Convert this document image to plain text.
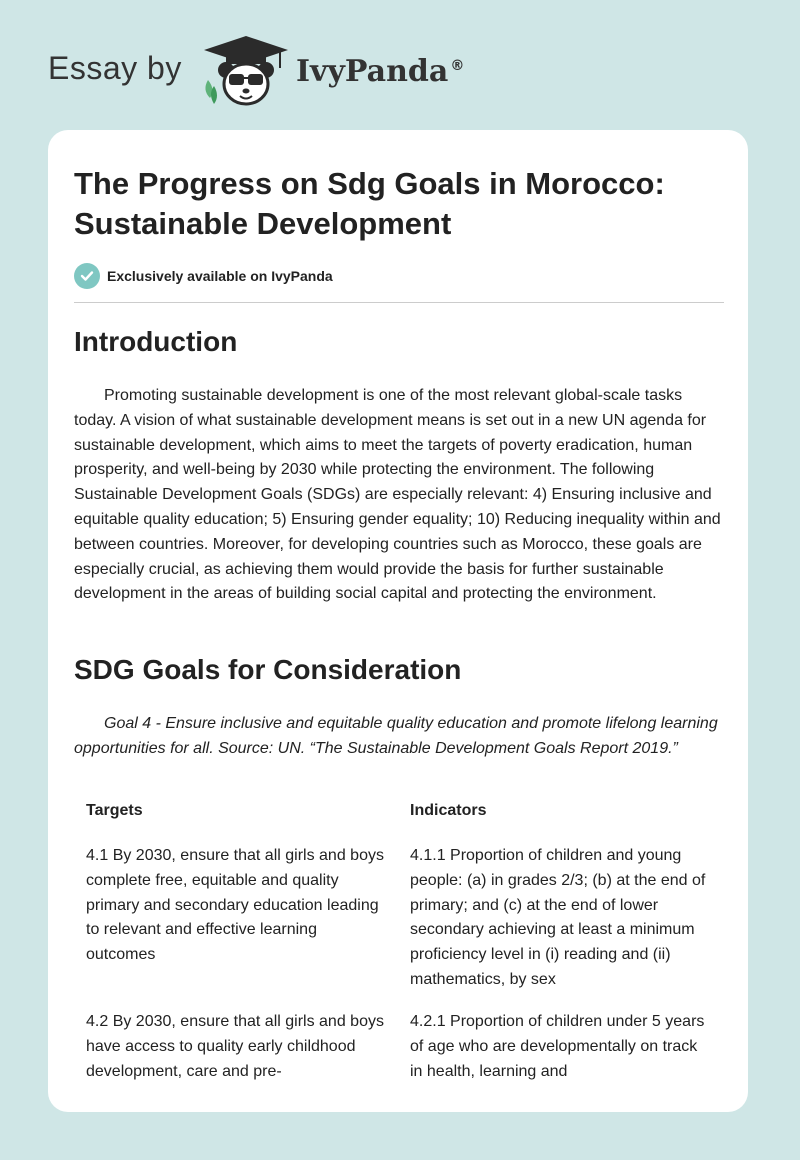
Essay by	IvyPanda ®
The Progress on Sdg Goals in Morocco: Sustainable Development
Exclusively available on IvyPanda
Introduction

Promoting sustainable development is one of the most relevant global-scale tasks today. A vision of what sustainable development means is set out in a new UN agenda for sustainable development, which aims to meet the targets of poverty eradication, human prosperity, and well-being by 2030 while protecting the environment. The following Sustainable Development Goals (SDGs) are especially relevant: 4) Ensuring inclusive and equitable quality education; 5) Ensuring gender equality; 10) Reducing inequality within and between countries. Moreover, for developing countries such as Morocco, these goals are especially crucial, as achieving them would provide the basis for further sustainable development in the areas of building social capital and protecting the environment.

SDG Goals for Consideration

Goal 4 - Ensure inclusive and equitable quality education and promote lifelong learning opportunities for all. Source: UN. “The Sustainable Development Goals Report 2019.”

Targets	Indicators

4.1 By 2030, ensure that all girls and boys complete free, equitable and quality primary and secondary education leading to relevant and effective learning outcomes

4.1.1 Proportion of children and young people: (a) in grades 2/3; (b) at the end of primary; and (c) at the end of lower secondary achieving at least a minimum proficiency level in (i) reading and (ii) mathematics, by sex

4.2 By 2030, ensure that all girls and boys have access to quality early childhood development, care and pre-

4.2.1 Proportion of children under 5 years of age who are developmentally on track in health, learning and
